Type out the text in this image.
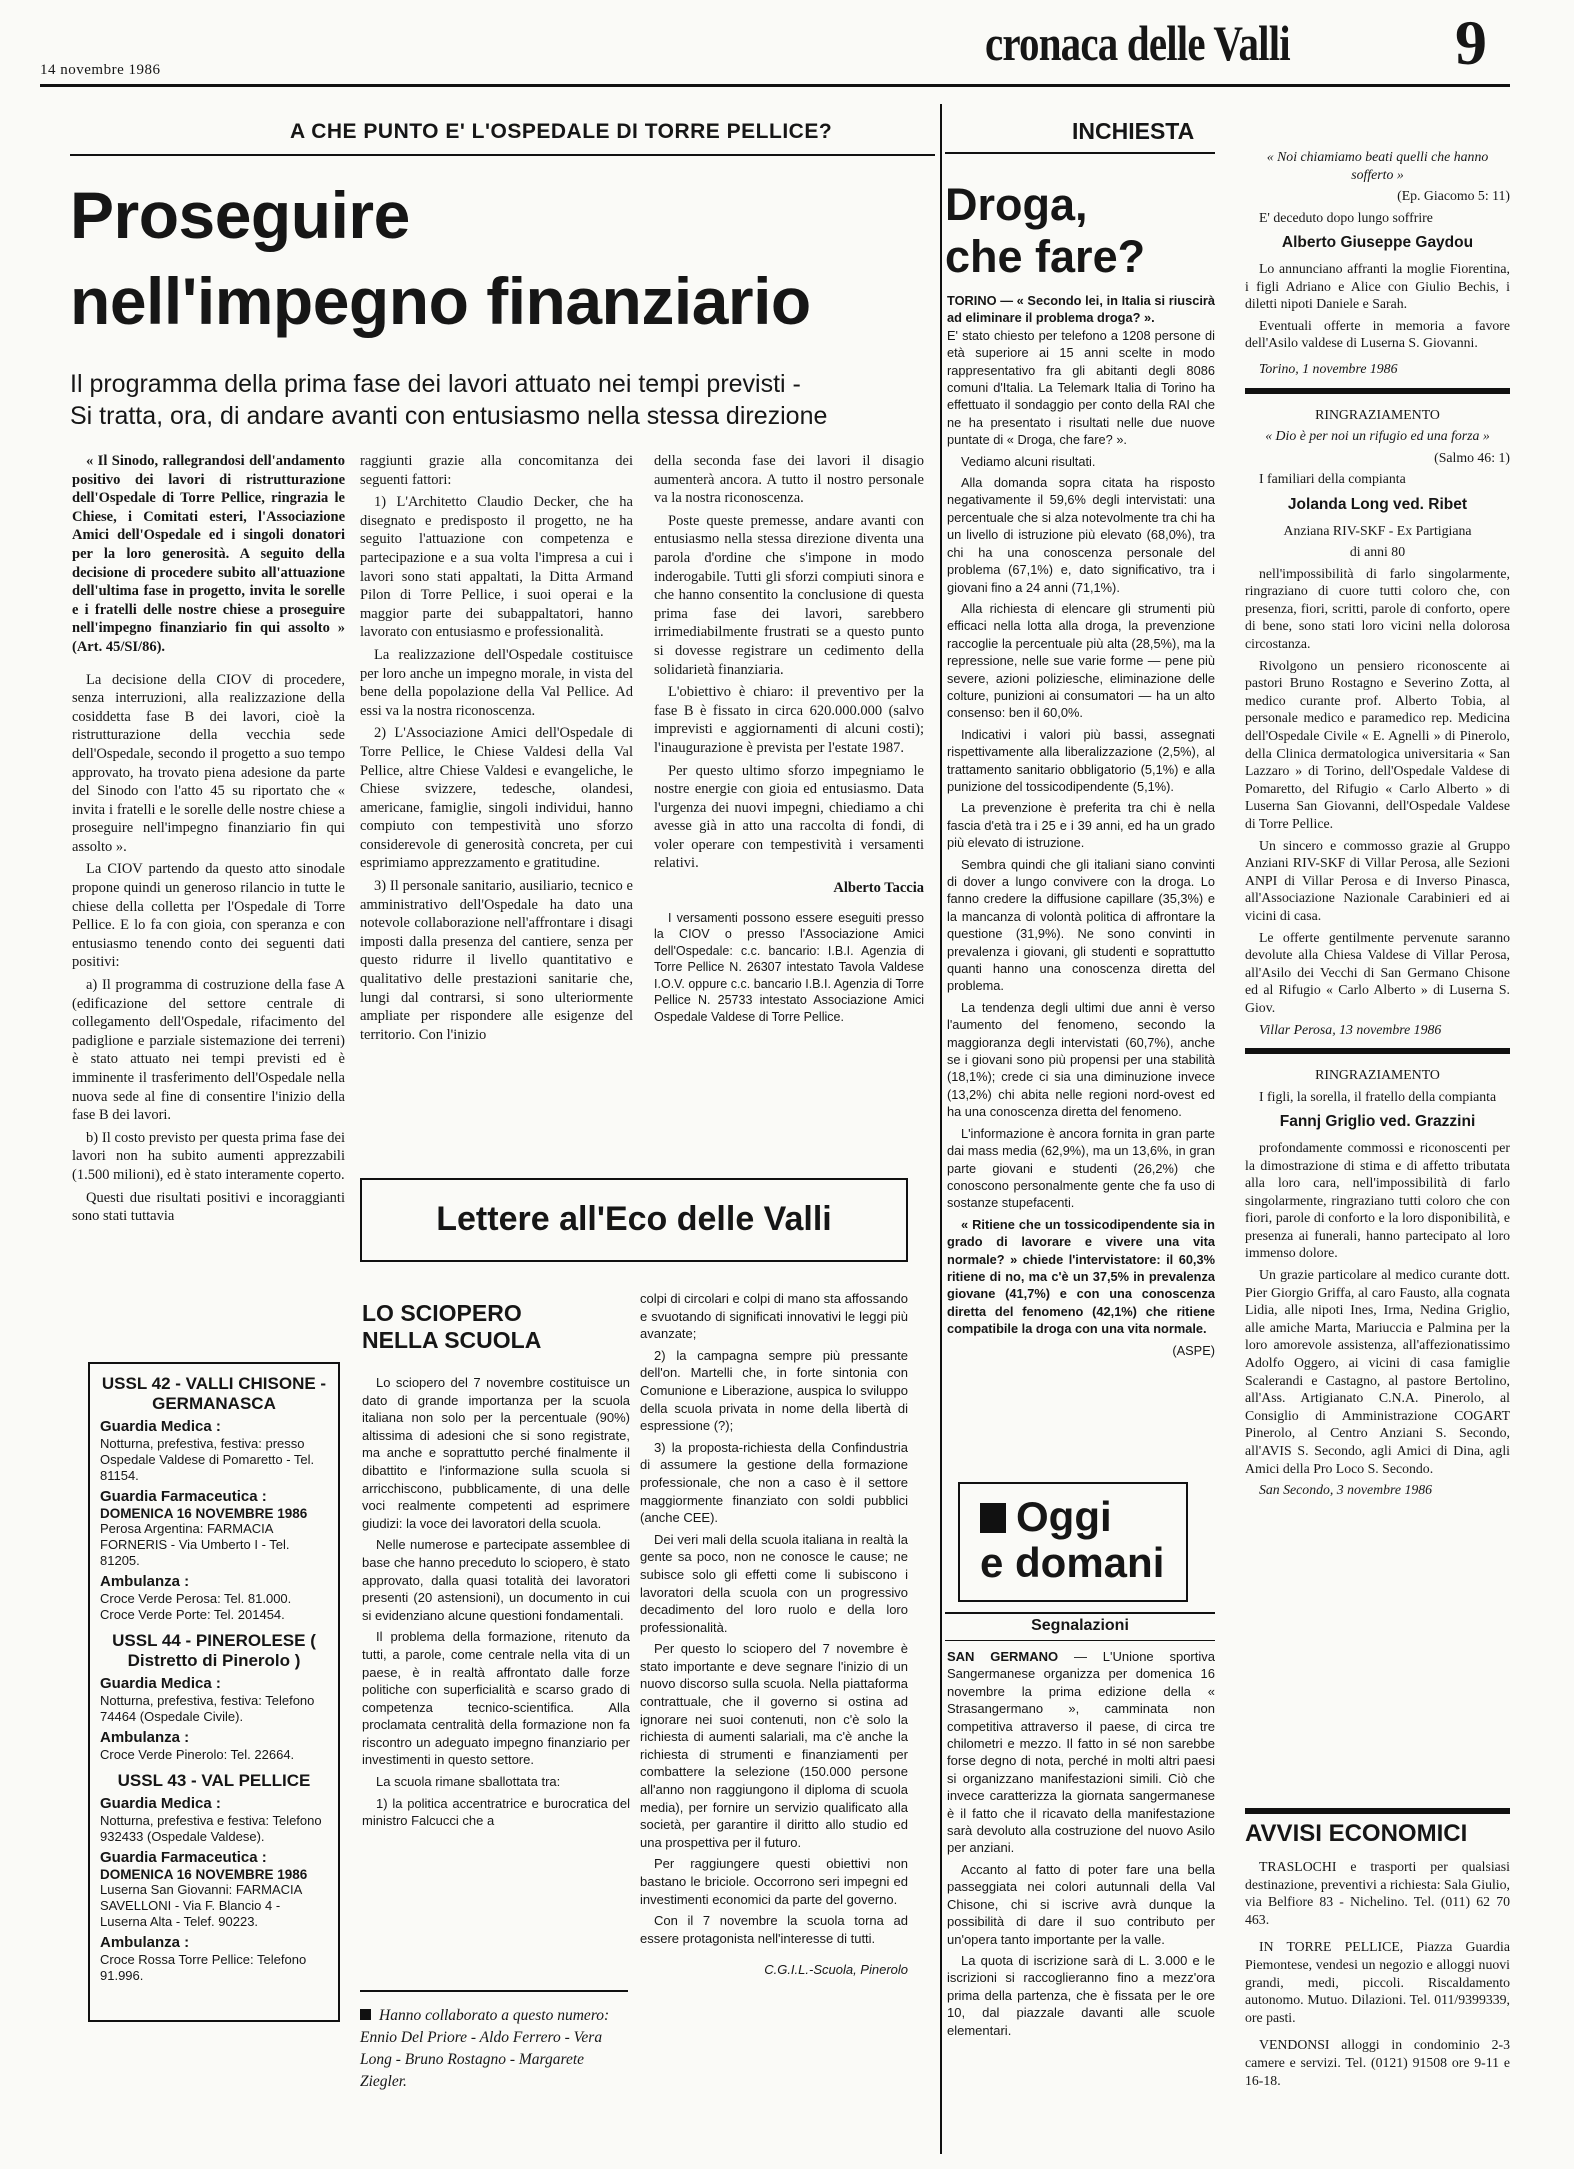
14 novembre 1986	cronaca delle Valli	9
A CHE PUNTO E' L'OSPEDALE DI TORRE PELLICE?
Proseguire
nell'impegno finanziario
Il programma della prima fase dei lavori attuato nei tempi previsti -
Si tratta, ora, di andare avanti con entusiasmo nella stessa direzione

« Il Sinodo, rallegrandosi dell'andamento positivo dei lavori di ristrutturazione dell'Ospedale di Torre Pellice, ringrazia le Chiese, i Comitati esteri, l'Associazione Amici dell'Ospedale ed i singoli donatori per la loro generosità. A seguito della decisione di procedere subito all'attuazione dell'ultima fase in progetto, invita le sorelle e i fratelli delle nostre chiese a proseguire nell'impegno finanziario fin qui assolto » (Art. 45/SI/86).

La decisione della CIOV di procedere, senza interruzioni, alla realizzazione della cosiddetta fase B dei lavori, cioè la ristrutturazione della vecchia sede dell'Ospedale, secondo il progetto a suo tempo approvato, ha trovato piena adesione da parte del Sinodo con l'atto 45 su riportato che « invita i fratelli e le sorelle delle nostre chiese a proseguire nell'impegno finanziario fin qui assolto ».

La CIOV partendo da questo atto sinodale propone quindi un generoso rilancio in tutte le chiese della colletta per l'Ospedale di Torre Pellice. E lo fa con gioia, con speranza e con entusiasmo tenendo conto dei seguenti dati positivi:

a) Il programma di costruzione della fase A (edificazione del settore centrale di collegamento dell'Ospedale, rifacimento del padiglione e parziale sistemazione dei terreni) è stato attuato nei tempi previsti ed è imminente il trasferimento dell'Ospedale nella nuova sede al fine di consentire l'inizio della fase B dei lavori.

b) Il costo previsto per questa prima fase dei lavori non ha subito aumenti apprezzabili (1.500 milioni), ed è stato interamente coperto.

Questi due risultati positivi e incoraggianti sono stati tuttavia

raggiunti grazie alla concomitanza dei seguenti fattori:

1) L'Architetto Claudio Decker, che ha disegnato e predisposto il progetto, ne ha seguito l'attuazione con competenza e partecipazione e a sua volta l'impresa a cui i lavori sono stati appaltati, la Ditta Armand Pilon di Torre Pellice, i suoi operai e la maggior parte dei subappaltatori, hanno lavorato con entusiasmo e professionalità.

La realizzazione dell'Ospedale costituisce per loro anche un impegno morale, in vista del bene della popolazione della Val Pellice. Ad essi va la nostra riconoscenza.

2) L'Associazione Amici dell'Ospedale di Torre Pellice, le Chiese Valdesi della Val Pellice, altre Chiese Valdesi e evangeliche, le Chiese svizzere, tedesche, olandesi, americane, famiglie, singoli individui, hanno compiuto con tempestività uno sforzo considerevole di generosità concreta, per cui esprimiamo apprezzamento e gratitudine.

3) Il personale sanitario, ausiliario, tecnico e amministrativo dell'Ospedale ha dato una notevole collaborazione nell'affrontare i disagi imposti dalla presenza del cantiere, senza per questo ridurre il livello quantitativo e qualitativo delle prestazioni sanitarie che, lungi dal contrarsi, si sono ulteriormente ampliate per rispondere alle esigenze del territorio. Con l'inizio

della seconda fase dei lavori il disagio aumenterà ancora. A tutto il nostro personale va la nostra riconoscenza.

Poste queste premesse, andare avanti con entusiasmo nella stessa direzione diventa una parola d'ordine che s'impone in modo inderogabile. Tutti gli sforzi compiuti sinora e che hanno consentito la conclusione di questa prima fase dei lavori, sarebbero irrimediabilmente frustrati se a questo punto si dovesse registrare un cedimento della solidarietà finanziaria.

L'obiettivo è chiaro: il preventivo per la fase B è fissato in circa 620.000.000 (salvo imprevisti e aggiornamenti di alcuni costi); l'inaugurazione è prevista per l'estate 1987.

Per questo ultimo sforzo impegniamo le nostre energie con gioia ed entusiasmo. Data l'urgenza dei nuovi impegni, chiediamo a chi avesse già in atto una raccolta di fondi, di voler operare con tempestività i versamenti relativi.

Alberto Taccia

I versamenti possono essere eseguiti presso la CIOV o presso l'Associazione Amici dell'Ospedale: c.c. bancario: I.B.I. Agenzia di Torre Pellice N. 26307 intestato Tavola Valdese I.O.V. oppure c.c. bancario I.B.I. Agenzia di Torre Pellice N. 25733 intestato Associazione Amici Ospedale Valdese di Torre Pellice.

INCHIESTA
Droga,
che fare?

TORINO — « Secondo lei, in Italia si riuscirà ad eliminare il problema droga? ».

E' stato chiesto per telefono a 1208 persone di età superiore ai 15 anni scelte in modo rappresentativo fra gli abitanti degli 8086 comuni d'Italia. La Telemark Italia di Torino ha effettuato il sondaggio per conto della RAI che ne ha presentato i risultati nelle due nuove puntate di « Droga, che fare? ».

Vediamo alcuni risultati.

Alla domanda sopra citata ha risposto negativamente il 59,6% degli intervistati: una percentuale che si alza notevolmente tra chi ha un livello di istruzione più elevato (68,0%), tra chi ha una conoscenza personale del problema (67,1%) e, dato significativo, tra i giovani fino a 24 anni (71,1%).

Alla richiesta di elencare gli strumenti più efficaci nella lotta alla droga, la prevenzione raccoglie la percentuale più alta (28,5%), ma la repressione, nelle sue varie forme — pene più severe, azioni poliziesche, eliminazione delle colture, punizioni ai consumatori — ha un alto consenso: ben il 60,0%.

Indicativi i valori più bassi, assegnati rispettivamente alla liberalizzazione (2,5%), al trattamento sanitario obbligatorio (5,1%) e alla punizione del tossicodipendente (5,1%).

La prevenzione è preferita tra chi è nella fascia d'età tra i 25 e i 39 anni, ed ha un grado più elevato di istruzione.

Sembra quindi che gli italiani siano convinti di dover a lungo convivere con la droga. Lo fanno credere la diffusione capillare (35,3%) e la mancanza di volontà politica di affrontare la questione (31,9%). Ne sono convinti in prevalenza i giovani, gli studenti e soprattutto quanti hanno una conoscenza diretta del problema.

La tendenza degli ultimi due anni è verso l'aumento del fenomeno, secondo la maggioranza degli intervistati (60,7%), anche se i giovani sono più propensi per una stabilità (18,1%); crede ci sia una diminuzione invece (13,2%) chi abita nelle regioni nord-ovest ed ha una conoscenza diretta del fenomeno.

L'informazione è ancora fornita in gran parte dai mass media (62,9%), ma un 13,6%, in gran parte giovani e studenti (26,2%) che conoscono personalmente gente che fa uso di sostanze stupefacenti.

« Ritiene che un tossicodipendente sia in grado di lavorare e vivere una vita normale? » chiede l'intervistatore: il 60,3% ritiene di no, ma c'è un 37,5% in prevalenza giovane (41,7%) e con una conoscenza diretta del fenomeno (42,1%) che ritiene compatibile la droga con una vita normale.

(ASPE)

« Noi chiamiamo beati quelli che hanno sofferto »

(Ep. Giacomo 5: 11)

E' deceduto dopo lungo soffrire

Alberto Giuseppe Gaydou

Lo annunciano affranti la moglie Fiorentina, i figli Adriano e Alice con Giulio Bechis, i diletti nipoti Daniele e Sarah.

Eventuali offerte in memoria a favore dell'Asilo valdese di Luserna S. Giovanni.

Torino, 1 novembre 1986

RINGRAZIAMENTO

« Dio è per noi un rifugio ed una forza »

(Salmo 46: 1)

I familiari della compianta

Jolanda Long ved. Ribet

Anziana RIV-SKF - Ex Partigiana

di anni 80

nell'impossibilità di farlo singolarmente, ringraziano di cuore tutti coloro che, con presenza, fiori, scritti, parole di conforto, opere di bene, sono stati loro vicini nella dolorosa circostanza.

Rivolgono un pensiero riconoscente ai pastori Bruno Rostagno e Severino Zotta, al medico curante prof. Alberto Tobia, al personale medico e paramedico rep. Medicina dell'Ospedale Civile « E. Agnelli » di Pinerolo, della Clinica dermatologica universitaria « San Lazzaro » di Torino, dell'Ospedale Valdese di Pomaretto, del Rifugio « Carlo Alberto » di Luserna San Giovanni, dell'Ospedale Valdese di Torre Pellice.

Un sincero e commosso grazie al Gruppo Anziani RIV-SKF di Villar Perosa, alle Sezioni ANPI di Villar Perosa e di Inverso Pinasca, all'Associazione Nazionale Carabinieri ed ai vicini di casa.

Le offerte gentilmente pervenute saranno devolute alla Chiesa Valdese di Villar Perosa, all'Asilo dei Vecchi di San Germano Chisone ed al Rifugio « Carlo Alberto » di Luserna S. Giov.

Villar Perosa, 13 novembre 1986

RINGRAZIAMENTO

I figli, la sorella, il fratello della compianta

Fannj Griglio ved. Grazzini

profondamente commossi e riconoscenti per la dimostrazione di stima e di affetto tributata alla loro cara, nell'impossibilità di farlo singolarmente, ringraziano tutti coloro che con fiori, parole di conforto e la loro disponibilità, e presenza ai funerali, hanno partecipato al loro immenso dolore.

Un grazie particolare al medico curante dott. Pier Giorgio Griffa, al caro Fausto, alla cognata Lidia, alle nipoti Ines, Irma, Nedina Griglio, alle amiche Marta, Mariuccia e Palmina per la loro amorevole assistenza, all'affezionatissimo Adolfo Oggero, ai vicini di casa famiglie Scalerandi e Castagno, al pastore Bertolino, all'Ass. Artigianato C.N.A. Pinerolo, al Consiglio di Amministrazione COGART Pinerolo, al Centro Anziani S. Secondo, all'AVIS S. Secondo, agli Amici di Dina, agli Amici della Pro Loco S. Secondo.

San Secondo, 3 novembre 1986

AVVISI ECONOMICI

TRASLOCHI e trasporti per qualsiasi destinazione, preventivi a richiesta: Sala Giulio, via Belfiore 83 - Nichelino. Tel. (011) 62 70 463.

IN TORRE PELLICE, Piazza Guardia Piemontese, vendesi un negozio e alloggi nuovi grandi, medi, piccoli. Riscaldamento autonomo. Mutuo. Dilazioni. Tel. 011/9399339, ore pasti.

VENDONSI alloggi in condominio 2-3 camere e servizi. Tel. (0121) 91508 ore 9-11 e 16-18.

Lettere all'Eco delle Valli
LO SCIOPERO
NELLA SCUOLA

Lo sciopero del 7 novembre costituisce un dato di grande importanza per la scuola italiana non solo per la percentuale (90%) altissima di adesioni che si sono registrate, ma anche e soprattutto perché finalmente il dibattito e l'informazione sulla scuola si arricchiscono, pubblicamente, di una delle voci realmente competenti ad esprimere giudizi: la voce dei lavoratori della scuola.

Nelle numerose e partecipate assemblee di base che hanno preceduto lo sciopero, è stato approvato, dalla quasi totalità dei lavoratori presenti (20 astensioni), un documento in cui si evidenziano alcune questioni fondamentali.

Il problema della formazione, ritenuto da tutti, a parole, come centrale nella vita di un paese, è in realtà affrontato dalle forze politiche con superficialità e scarso grado di competenza tecnico-scientifica. Alla proclamata centralità della formazione non fa riscontro un adeguato impegno finanziario per investimenti in questo settore.

La scuola rimane sballottata tra:

1) la politica accentratrice e burocratica del ministro Falcucci che a

colpi di circolari e colpi di mano sta affossando e svuotando di significati innovativi le leggi più avanzate;

2) la campagna sempre più pressante dell'on. Martelli che, in forte sintonia con Comunione e Liberazione, auspica lo sviluppo della scuola privata in nome della libertà di espressione (?);

3) la proposta-richiesta della Confindustria di assumere la gestione della formazione professionale, che non a caso è il settore maggiormente finanziato con soldi pubblici (anche CEE).

Dei veri mali della scuola italiana in realtà la gente sa poco, non ne conosce le cause; ne subisce solo gli effetti come li subiscono i lavoratori della scuola con un progressivo decadimento del loro ruolo e della loro professionalità.

Per questo lo sciopero del 7 novembre è stato importante e deve segnare l'inizio di un nuovo discorso sulla scuola. Nella piattaforma contrattuale, che il governo si ostina ad ignorare nei suoi contenuti, non c'è solo la richiesta di aumenti salariali, ma c'è anche la richiesta di strumenti e finanziamenti per combattere la selezione (150.000 persone all'anno non raggiungono il diploma di scuola media), per fornire un servizio qualificato alla società, per garantire il diritto allo studio ed una prospettiva per il futuro.

Per raggiungere questi obiettivi non bastano le briciole. Occorrono seri impegni ed investimenti economici da parte del governo.

Con il 7 novembre la scuola torna ad essere protagonista nell'interesse di tutti.

C.G.I.L.-Scuola, Pinerolo

USSL 42 - VALLI CHISONE - GERMANASCA
Guardia Medica :
Notturna, prefestiva, festiva: presso Ospedale Valdese di Pomaretto - Tel. 81154.
Guardia Farmaceutica :
DOMENICA 16 NOVEMBRE 1986
Perosa Argentina: FARMACIA FORNERIS - Via Umberto I - Tel. 81205.
Ambulanza :
Croce Verde Perosa: Tel. 81.000. Croce Verde Porte: Tel. 201454.
USSL 44 - PINEROLESE ( Distretto di Pinerolo )
Guardia Medica :
Notturna, prefestiva, festiva: Telefono 74464 (Ospedale Civile).
Ambulanza :
Croce Verde Pinerolo: Tel. 22664.
USSL 43 - VAL PELLICE
Guardia Medica :
Notturna, prefestiva e festiva: Telefono 932433 (Ospedale Valdese).
Guardia Farmaceutica :
DOMENICA 16 NOVEMBRE 1986
Luserna San Giovanni: FARMACIA SAVELLONI - Via F. Blancio 4 - Luserna Alta - Telef. 90223.
Ambulanza :
Croce Rossa Torre Pellice: Telefono 91.996.
Hanno collaborato a questo numero: Ennio Del Priore - Aldo Ferrero - Vera Long - Bruno Rostagno - Margarete Ziegler.
Oggi
e domani
Segnalazioni

SAN GERMANO — L'Unione sportiva Sangermanese organizza per domenica 16 novembre la prima edizione della « Strasangermano », camminata non competitiva attraverso il paese, di circa tre chilometri e mezzo. Il fatto in sé non sarebbe forse degno di nota, perché in molti altri paesi si organizzano manifestazioni simili. Ciò che invece caratterizza la giornata sangermanese è il fatto che il ricavato della manifestazione sarà devoluto alla costruzione del nuovo Asilo per anziani.

Accanto al fatto di poter fare una bella passeggiata nei colori autunnali della Val Chisone, chi si iscrive avrà dunque la possibilità di dare il suo contributo per un'opera tanto importante per la valle.

La quota di iscrizione sarà di L. 3.000 e le iscrizioni si raccoglieranno fino a mezz'ora prima della partenza, che è fissata per le ore 10, dal piazzale davanti alle scuole elementari.
